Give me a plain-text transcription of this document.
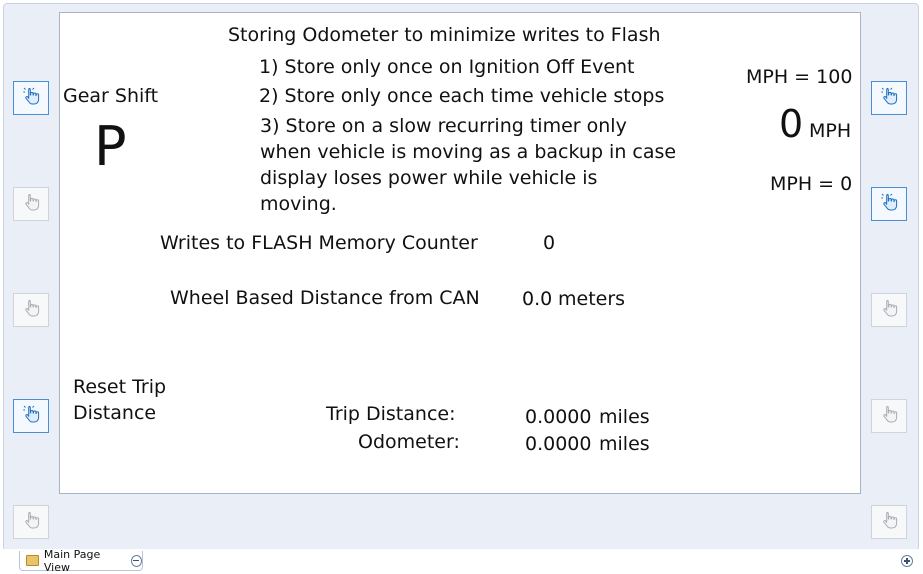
Storing Odometer to minimize writes to Flash
1) Store only once on Ignition Off Event
2) Store only once each time vehicle stops
3) Store on a slow recurring timer only when vehicle is moving as a backup in case display loses power while vehicle is moving.
Gear Shift
P
MPH = 100
0 MPH
MPH = 0
Writes to FLASH Memory Counter	0
Wheel Based Distance from CAN 0.0 meters
Reset Trip Distance	Trip Distance:	0.0000 miles
Odometer:	0.0000 miles
Main Page View
